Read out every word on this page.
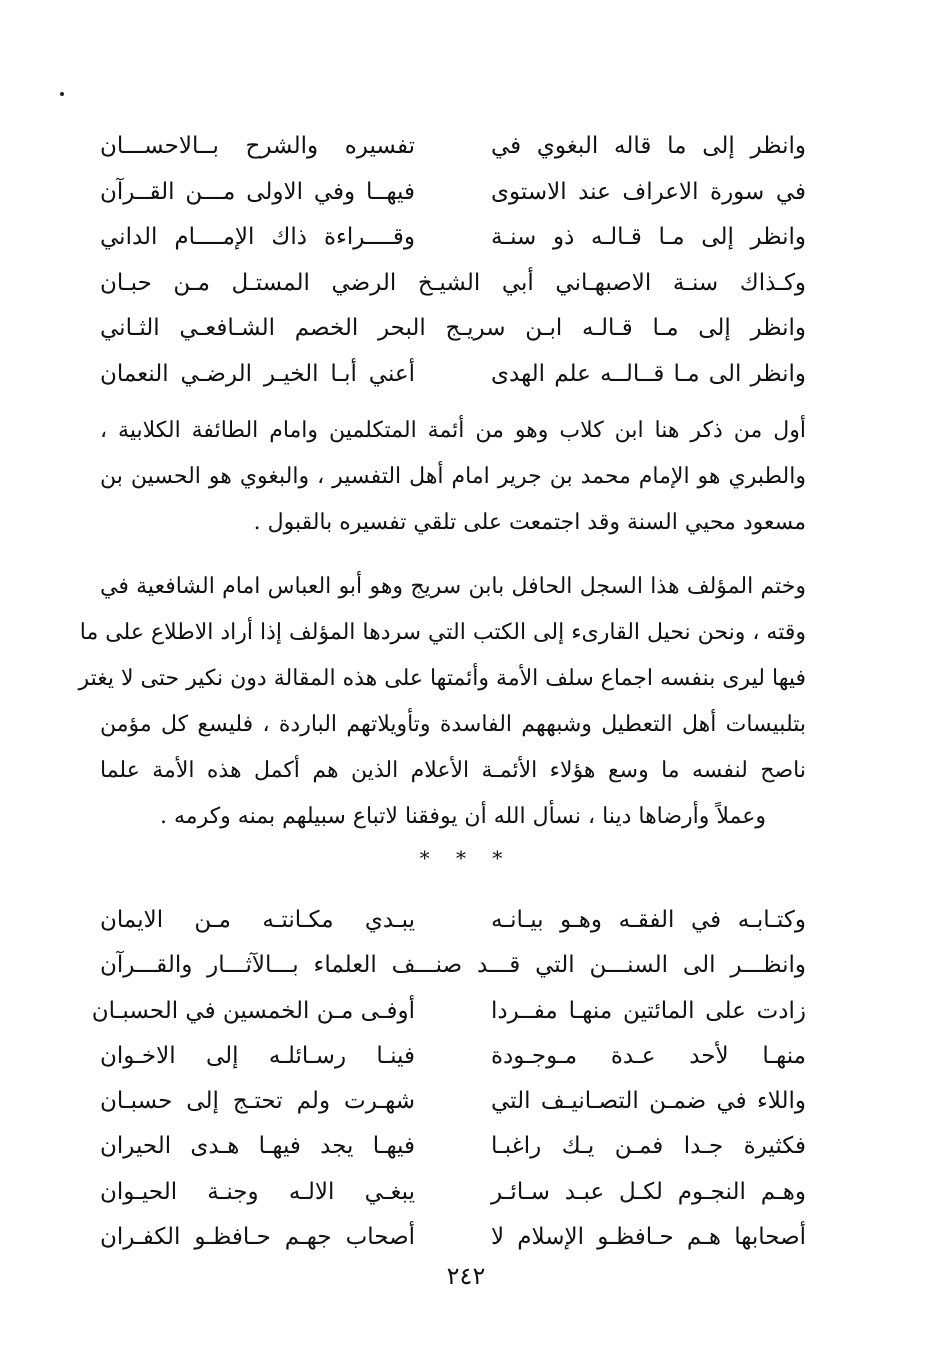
وانظر إلى ما قاله البغوي في
تفسيره والشرح بــالاحســـان
في سورة الاعراف عند الاستوى
فيهــا وفي الاولى مـــن القــرآن
وانظر إلى مـا قـالـه ذو سنـة
وقــــراءة ذاك الإمــــام الداني
وكـذاك سنـة الاصبهـاني أبي الشيـخ الرضي المستـل مـن حبـان
وانظر إلى مـا قـالـه ابـن سريـج البحر الخصم الشـافعـي الثـاني
وانظر الى مـا قــالــه علم الهدى
أعني أبـا الخيـر الرضـي النعمان
أول من ذكر هنا ابن كلاب وهو من أئمة المتكلمين وامام الطائفة الكلابية ،
والطبري هو الإمام محمد بن جرير امام أهل التفسير ، والبغوي هو الحسين بن
مسعود محيي السنة وقد اجتمعت على تلقي تفسيره بالقبول .
وختم المؤلف هذا السجل الحافل بابن سريج وهو أبو العباس امام الشافعية في
وقته ، ونحن نحيل القارىء إلى الكتب التي سردها المؤلف إذا أراد الاطلاع على ما
فيها ليرى بنفسه اجماع سلف الأمة وأئمتها على هذه المقالة دون نكير حتى لا يغتر
بتلبيسات أهل التعطيل وشبههم الفاسدة وتأويلاتهم الباردة ، فليسع كل مؤمن
ناصح لنفسه ما وسع هؤلاء الأئمـة الأعلام الذين هم أكمل هذه الأمة علما
وعملاً وأرضاها دينا ، نسأل الله أن يوفقنا لاتباع سبيلهم بمنه وكرمه .
* * *
وكتـابـه في الفقـه وهـو بيـانـه
يبـدي مكـانتـه مـن الايمان
وانظـــر الى السنـــن التي قـــد صنـــف العلماء بـــالآثـــار والقـــرآن
زادت على المائتين منهـا مفــردا
أوفـى مـن الخمسين في الحسبـان
منهـا لأحد عـدة مـوجـودة
فينـا رسـائلـه إلى الاخـوان
واللاء في ضمـن التصـانيـف التي
شهـرت ولم تحتـج إلى حسبـان
فكثيرة جـدا فمـن يـك راغبـا
فيهـا يجد فيهـا هـدى الحيران
وهـم النجـوم لكـل عبـد سـائـر
يبغـي الالـه وجنـة الحيـوان
أصحابها هـم حـافظـو الإسلام لا
أصحاب جهـم حـافظـو الكفـران
٢٤٢
